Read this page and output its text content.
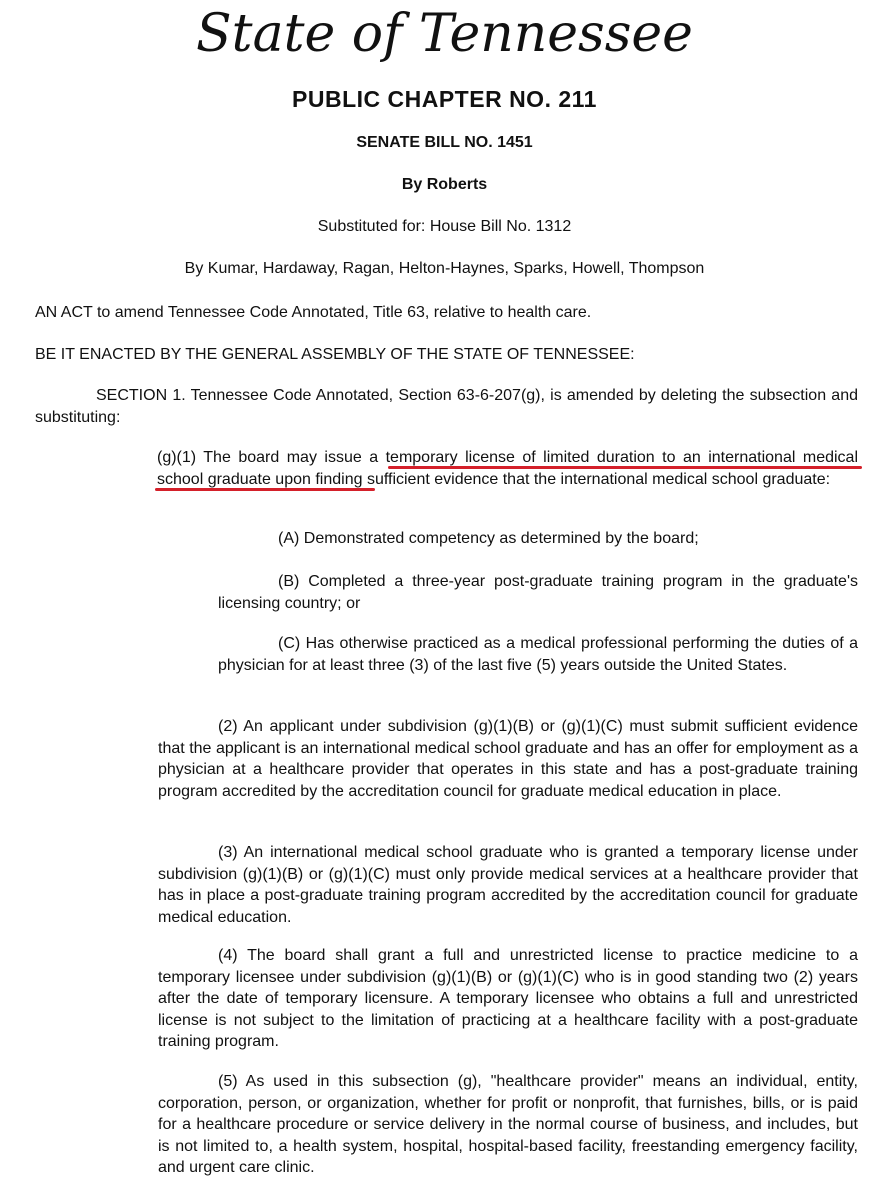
State of Tennessee
PUBLIC CHAPTER NO. 211
SENATE BILL NO. 1451
By Roberts
Substituted for: House Bill No. 1312
By Kumar, Hardaway, Ragan, Helton-Haynes, Sparks, Howell, Thompson
AN ACT to amend Tennessee Code Annotated, Title 63, relative to health care.
BE IT ENACTED BY THE GENERAL ASSEMBLY OF THE STATE OF TENNESSEE:
SECTION 1. Tennessee Code Annotated, Section 63-6-207(g), is amended by deleting the subsection and substituting:
(g)(1) The board may issue a temporary license of limited duration to an international medical school graduate upon finding sufficient evidence that the international medical school graduate:
(A) Demonstrated competency as determined by the board;
(B) Completed a three-year post-graduate training program in the graduate's licensing country; or
(C) Has otherwise practiced as a medical professional performing the duties of a physician for at least three (3) of the last five (5) years outside the United States.
(2) An applicant under subdivision (g)(1)(B) or (g)(1)(C) must submit sufficient evidence that the applicant is an international medical school graduate and has an offer for employment as a physician at a healthcare provider that operates in this state and has a post-graduate training program accredited by the accreditation council for graduate medical education in place.
(3) An international medical school graduate who is granted a temporary license under subdivision (g)(1)(B) or (g)(1)(C) must only provide medical services at a healthcare provider that has in place a post-graduate training program accredited by the accreditation council for graduate medical education.
(4) The board shall grant a full and unrestricted license to practice medicine to a temporary licensee under subdivision (g)(1)(B) or (g)(1)(C) who is in good standing two (2) years after the date of temporary licensure. A temporary licensee who obtains a full and unrestricted license is not subject to the limitation of practicing at a healthcare facility with a post-graduate training program.
(5) As used in this subsection (g), "healthcare provider" means an individual, entity, corporation, person, or organization, whether for profit or nonprofit, that furnishes, bills, or is paid for a healthcare procedure or service delivery in the normal course of business, and includes, but is not limited to, a health system, hospital, hospital-based facility, freestanding emergency facility, and urgent care clinic.
